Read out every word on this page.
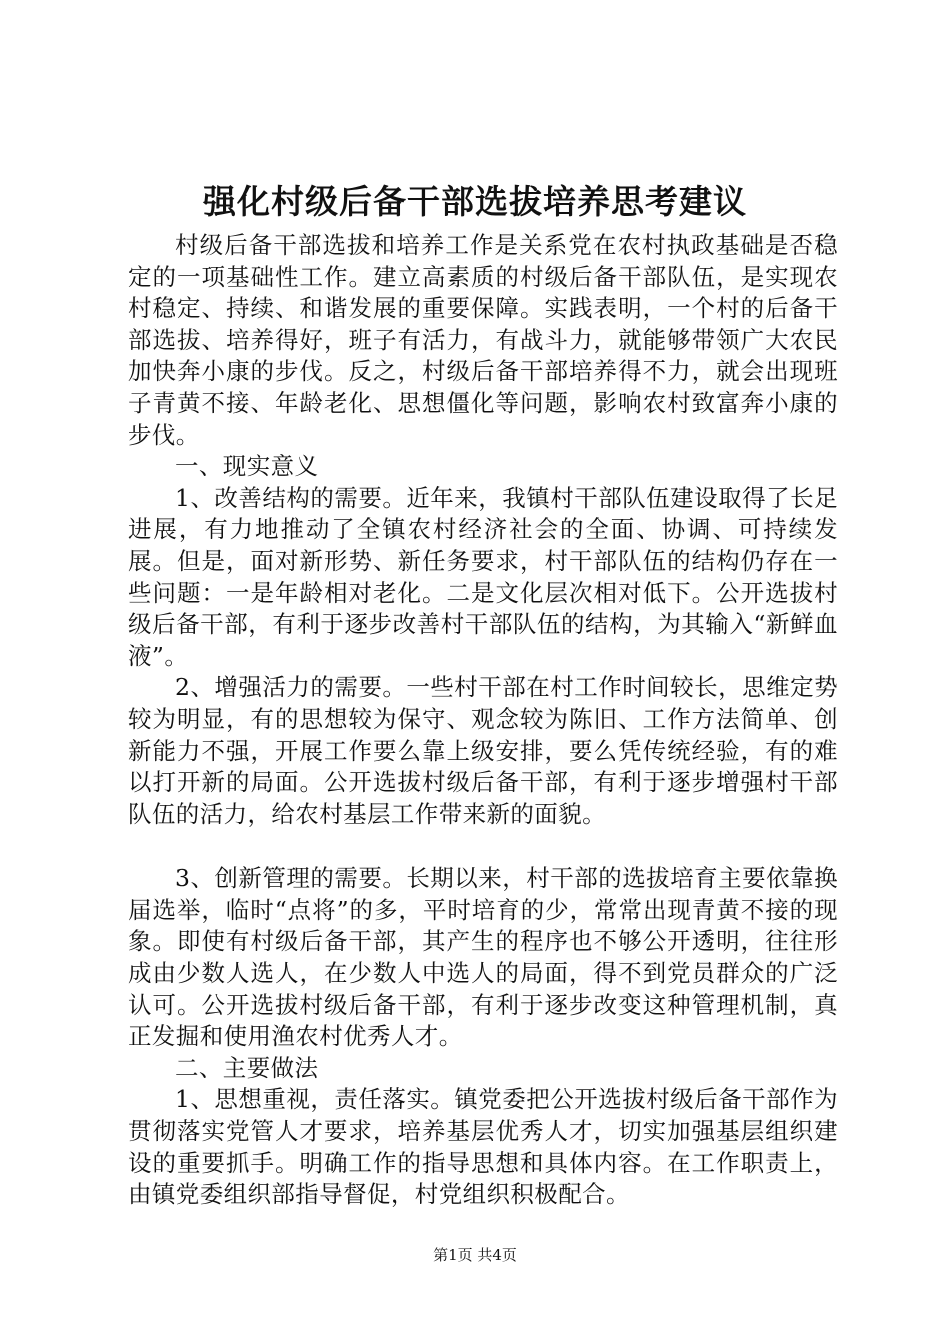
强化村级后备干部选拔培养思考建议

村级后备干部选拔和培养工作是关系党在农村执政基础是否稳定的一项基础性工作。建立高素质的村级后备干部队伍，是实现农村稳定、持续、和谐发展的重要保障。实践表明，一个村的后备干部选拔、培养得好，班子有活力，有战斗力，就能够带领广大农民加快奔小康的步伐。反之，村级后备干部培养得不力，就会出现班子青黄不接、年龄老化、思想僵化等问题，影响农村致富奔小康的步伐。

一、现实意义

1、改善结构的需要。近年来，我镇村干部队伍建设取得了长足进展，有力地推动了全镇农村经济社会的全面、协调、可持续发展。但是，面对新形势、新任务要求，村干部队伍的结构仍存在一些问题：一是年龄相对老化。二是文化层次相对低下。公开选拔村级后备干部，有利于逐步改善村干部队伍的结构，为其输入“新鲜血液”。

2、增强活力的需要。一些村干部在村工作时间较长，思维定势较为明显，有的思想较为保守、观念较为陈旧、工作方法简单、创新能力不强，开展工作要么靠上级安排，要么凭传统经验，有的难以打开新的局面。公开选拔村级后备干部，有利于逐步增强村干部队伍的活力，给农村基层工作带来新的面貌。

3、创新管理的需要。长期以来，村干部的选拔培育主要依靠换届选举，临时“点将”的多，平时培育的少，常常出现青黄不接的现象。即使有村级后备干部，其产生的程序也不够公开透明，往往形成由少数人选人，在少数人中选人的局面，得不到党员群众的广泛认可。公开选拔村级后备干部，有利于逐步改变这种管理机制，真正发掘和使用渔农村优秀人才。

二、主要做法

1、思想重视，责任落实。镇党委把公开选拔村级后备干部作为贯彻落实党管人才要求，培养基层优秀人才，切实加强基层组织建设的重要抓手。明确工作的指导思想和具体内容。在工作职责上，由镇党委组织部指导督促，村党组织积极配合。

第1页 共4页
